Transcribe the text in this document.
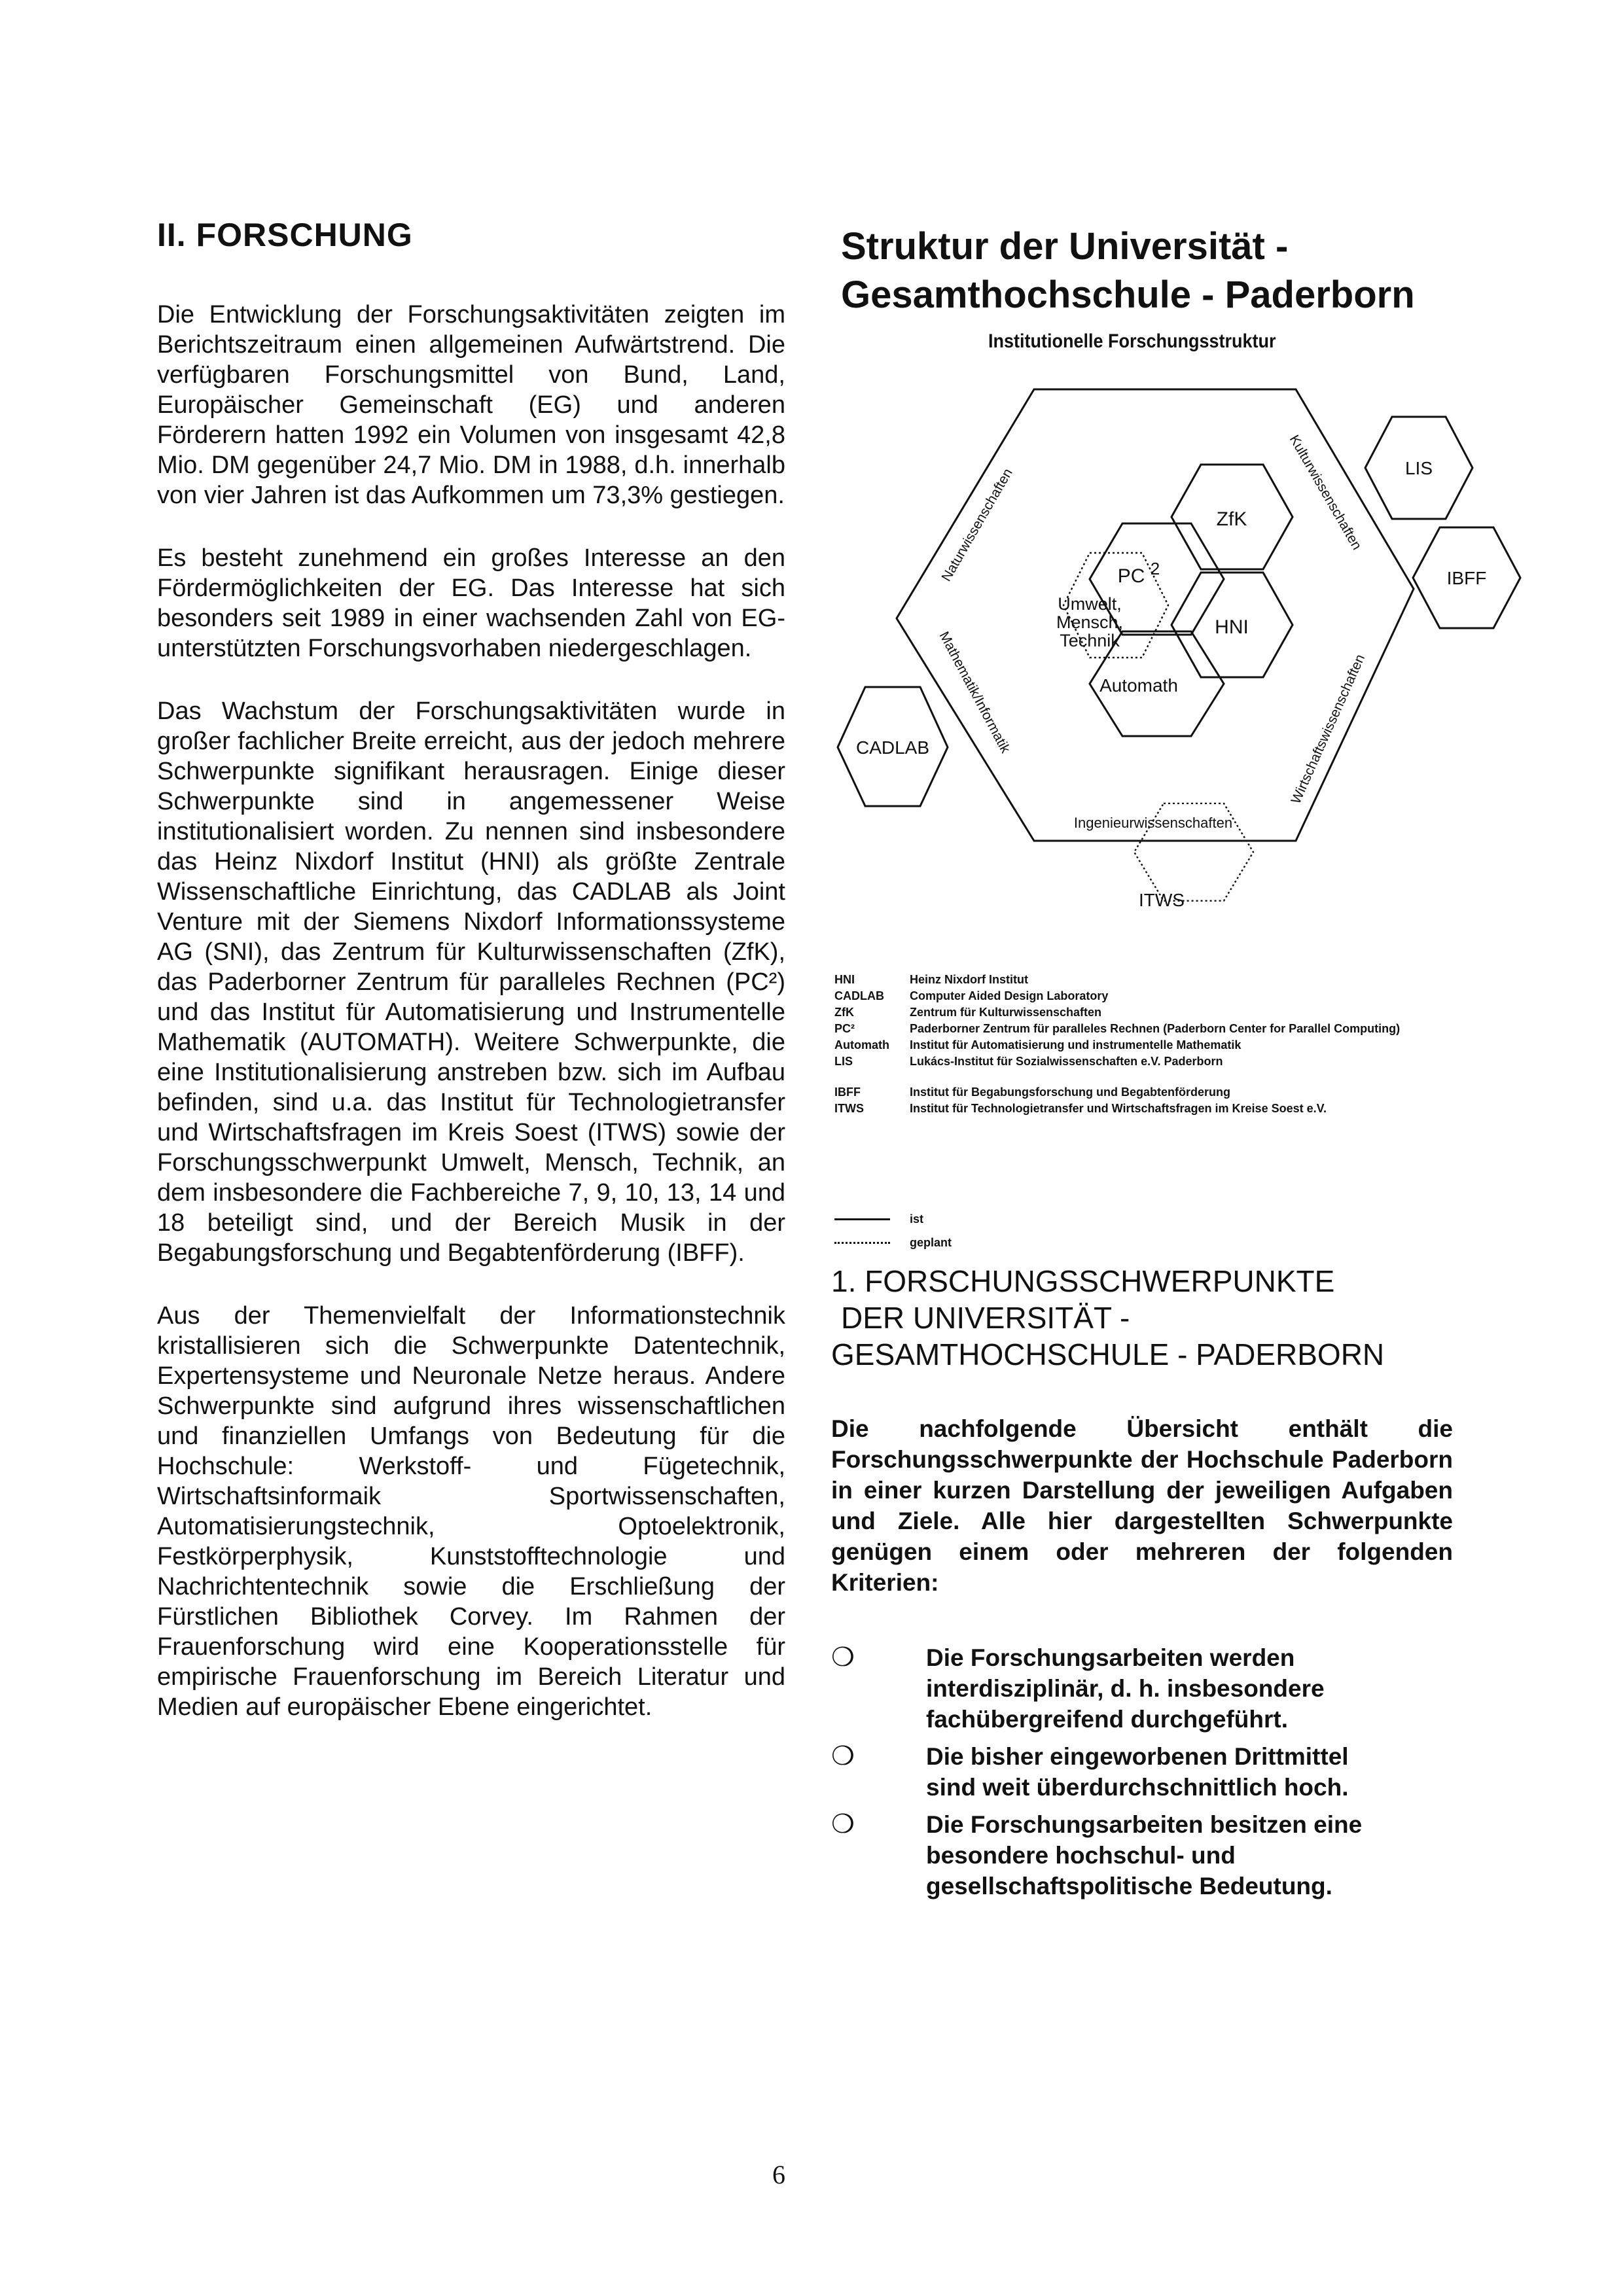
II. FORSCHUNG

Die Entwicklung der Forschungsaktivitäten zeigten im Berichtszeitraum einen allgemeinen Aufwärtstrend. Die verfügbaren Forschungsmittel von Bund, Land, Europäischer Gemeinschaft (EG) und anderen Förderern hatten 1992 ein Volumen von insgesamt 42,8 Mio. DM gegenüber 24,7 Mio. DM in 1988, d.h. innerhalb von vier Jahren ist das Aufkommen um 73,3% gestiegen.

Es besteht zunehmend ein großes Interesse an den Fördermöglichkeiten der EG. Das Interesse hat sich besonders seit 1989 in einer wachsenden Zahl von EG-unterstützten Forschungsvorhaben niedergeschlagen.

Das Wachstum der Forschungsaktivitäten wurde in großer fachlicher Breite erreicht, aus der jedoch mehrere Schwerpunkte signifikant herausragen. Einige dieser Schwerpunkte sind in angemessener Weise institutionalisiert worden. Zu nennen sind insbesondere das Heinz Nixdorf Institut (HNI) als größte Zentrale Wissenschaftliche Einrichtung, das CADLAB als Joint Venture mit der Siemens Nixdorf Informationssysteme AG (SNI), das Zentrum für Kulturwissenschaften (ZfK), das Paderborner Zentrum für paralleles Rechnen (PC²) und das Institut für Automatisierung und Instrumentelle Mathematik (AUTOMATH). Weitere Schwerpunkte, die eine Institutionalisierung anstreben bzw. sich im Aufbau befinden, sind u.a. das Institut für Technologietransfer und Wirtschaftsfragen im Kreis Soest (ITWS) sowie der Forschungsschwerpunkt Umwelt, Mensch, Technik, an dem insbesondere die Fachbereiche 7, 9, 10, 13, 14 und 18 beteiligt sind, und der Bereich Musik in der Begabungsforschung und Begabtenförderung (IBFF).

Aus der Themenvielfalt der Informationstechnik kristallisieren sich die Schwerpunkte Datentechnik, Expertensysteme und Neuronale Netze heraus. Andere Schwerpunkte sind aufgrund ihres wissenschaftlichen und finanziellen Umfangs von Bedeutung für die Hochschule: Werkstoff- und Fügetechnik, Wirtschaftsinformaik Sportwissenschaften, Automatisierungstechnik, Optoelektronik, Festkörperphysik, Kunststofftechnologie und Nachrichtentechnik sowie die Erschließung der Fürstlichen Bibliothek Corvey. Im Rahmen der Frauenforschung wird eine Kooperationsstelle für empirische Frauenforschung im Bereich Literatur und Medien auf europäischer Ebene eingerichtet.

Struktur der Universität -
Gesamthochschule - Paderborn
Institutionelle Forschungsstruktur
ZfK
PC 2
HNI
Automath
Umwelt,
Mensch,
Technik
CADLAB
LIS
IBFF
ITWS
Ingenieurwissenschaften
Naturwissenschaften	Kulturwissenschaften
Mathematik/Informatik	Wirtschaftswissenschaften
HNI	Heinz Nixdorf Institut
CADLAB	Computer Aided Design Laboratory
ZfK	Zentrum für Kulturwissenschaften
PC²	Paderborner Zentrum für paralleles Rechnen (Paderborn Center for Parallel Computing)
Automath	Institut für Automatisierung und instrumentelle Mathematik
LIS	Lukács-Institut für Sozialwissenschaften e.V. Paderborn
IBFF	Institut für Begabungsforschung und Begabtenförderung
ITWS	Institut für Technologietransfer und Wirtschaftsfragen im Kreise Soest e.V.
ist
geplant
1. FORSCHUNGSSCHWERPUNKTE
DER UNIVERSITÄT -
GESAMTHOCHSCHULE - PADERBORN
Die nachfolgende Übersicht enthält die Forschungsschwerpunkte der Hochschule Paderborn in einer kurzen Darstellung der jeweiligen Aufgaben und Ziele. Alle hier dargestellten Schwerpunkte genügen einem oder mehreren der folgenden Kriterien:
❍	Die Forschungsarbeiten werden interdisziplinär, d. h. insbesondere fachübergreifend durchgeführt.
❍	Die bisher eingeworbenen Drittmittel sind weit überdurchschnittlich hoch.
❍	Die Forschungsarbeiten besitzen eine besondere hochschul- und gesellschaftspolitische Bedeutung.
6
